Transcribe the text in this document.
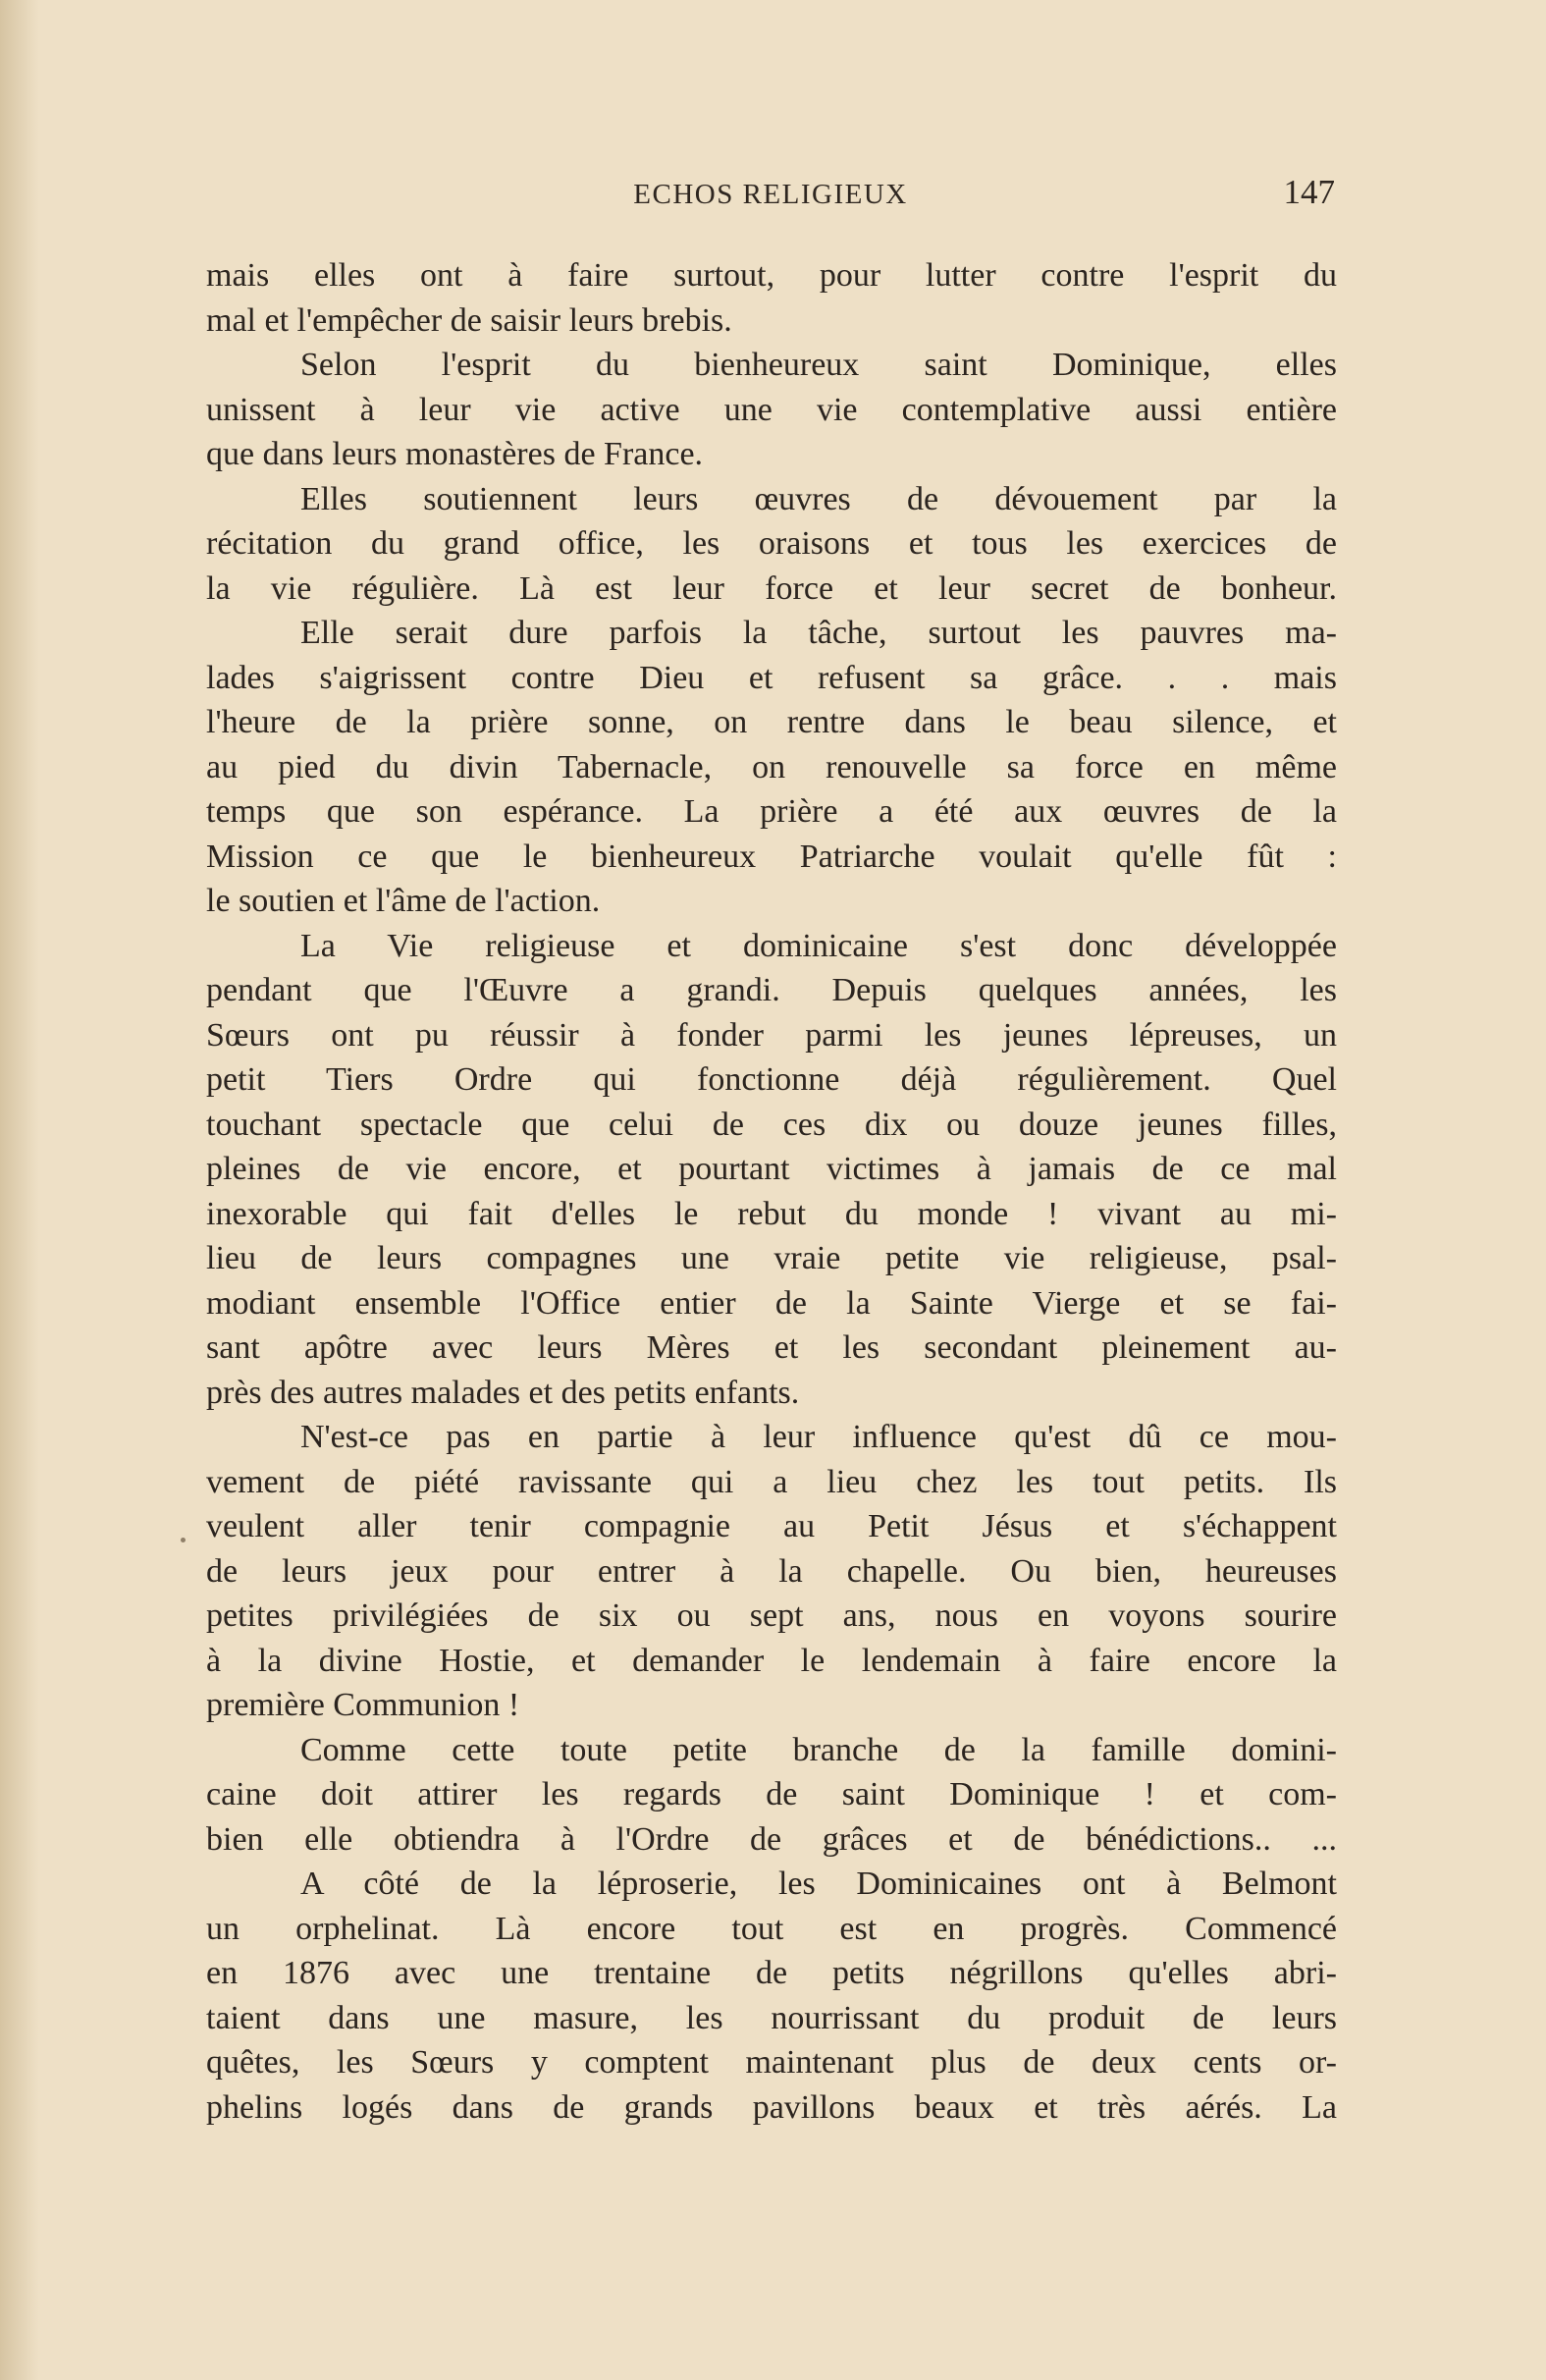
ECHOS RELIGIEUX	147
mais elles ont à faire surtout, pour lutter contre l'esprit du
mal et l'empêcher de saisir leurs brebis.
Selon l'esprit du bienheureux saint Dominique, elles
unissent à leur vie active une vie contemplative aussi entière
que dans leurs monastères de France.
Elles soutiennent leurs œuvres de dévouement par la
récitation du grand office, les oraisons et tous les exercices de
la vie régulière. Là est leur force et leur secret de bonheur.
Elle serait dure parfois la tâche, surtout les pauvres ma-
lades s'aigrissent contre Dieu et refusent sa grâce. . . mais
l'heure de la prière sonne, on rentre dans le beau silence, et
au pied du divin Tabernacle, on renouvelle sa force en même
temps que son espérance. La prière a été aux œuvres de la
Mission ce que le bienheureux Patriarche voulait qu'elle fût :
le soutien et l'âme de l'action.
La Vie religieuse et dominicaine s'est donc développée
pendant que l'Œuvre a grandi. Depuis quelques années, les
Sœurs ont pu réussir à fonder parmi les jeunes lépreuses, un
petit Tiers Ordre qui fonctionne déjà régulièrement. Quel
touchant spectacle que celui de ces dix ou douze jeunes filles,
pleines de vie encore, et pourtant victimes à jamais de ce mal
inexorable qui fait d'elles le rebut du monde ! vivant au mi-
lieu de leurs compagnes une vraie petite vie religieuse, psal-
modiant ensemble l'Office entier de la Sainte Vierge et se fai-
sant apôtre avec leurs Mères et les secondant pleinement au-
près des autres malades et des petits enfants.
N'est-ce pas en partie à leur influence qu'est dû ce mou-
vement de piété ravissante qui a lieu chez les tout petits. Ils
veulent aller tenir compagnie au Petit Jésus et s'échappent
de leurs jeux pour entrer à la chapelle. Ou bien, heureuses
petites privilégiées de six ou sept ans, nous en voyons sourire
à la divine Hostie, et demander le lendemain à faire encore la
première Communion !
Comme cette toute petite branche de la famille domini-
caine doit attirer les regards de saint Dominique ! et com-
bien elle obtiendra à l'Ordre de grâces et de bénédictions.. ...
A côté de la léproserie, les Dominicaines ont à Belmont
un orphelinat. Là encore tout est en progrès. Commencé
en 1876 avec une trentaine de petits négrillons qu'elles abri-
taient dans une masure, les nourrissant du produit de leurs
quêtes, les Sœurs y comptent maintenant plus de deux cents or-
phelins logés dans de grands pavillons beaux et très aérés. La
